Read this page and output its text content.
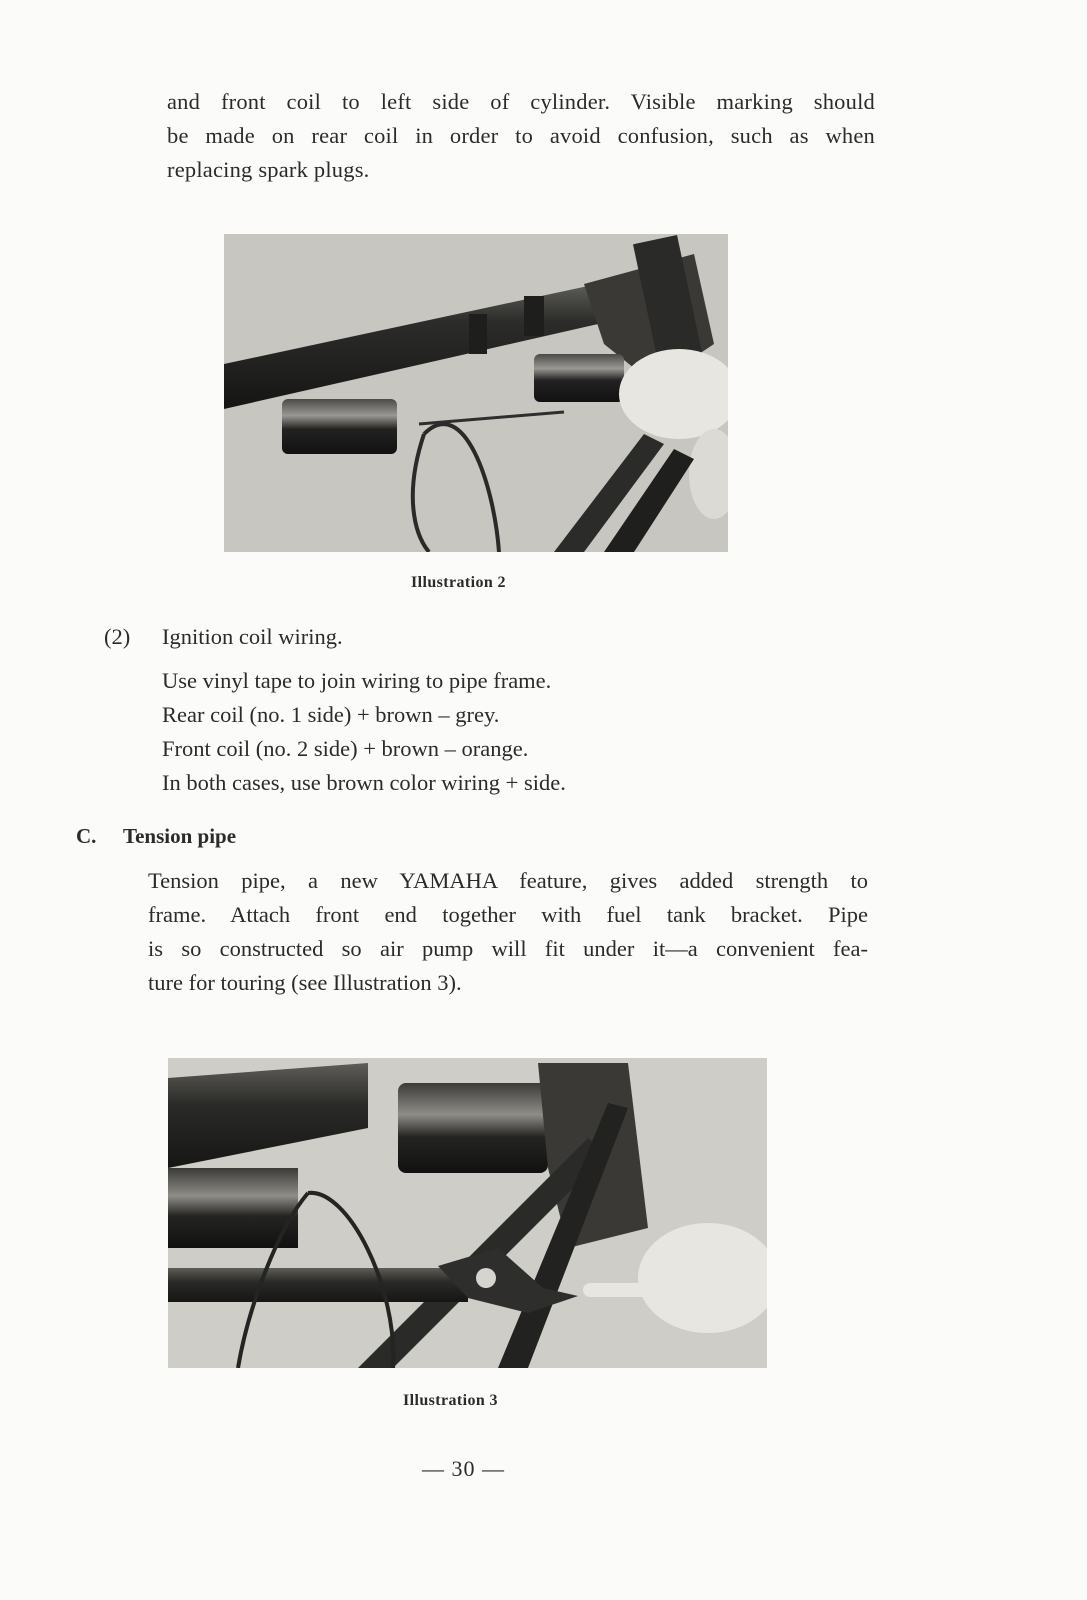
and front coil to left side of cylinder. Visible marking should
be made on rear coil in order to avoid confusion, such as when
replacing spark plugs.
Illustration 2
(2) Ignition coil wiring.
Use vinyl tape to join wiring to pipe frame.
Rear coil (no. 1 side) + brown – grey.
Front coil (no. 2 side) + brown – orange.
In both cases, use brown color wiring + side.
C. Tension pipe
Tension pipe, a new YAMAHA feature, gives added strength to
frame. Attach front end together with fuel tank bracket. Pipe
is so constructed so air pump will fit under it—a convenient fea-
ture for touring (see Illustration 3).
Illustration 3
— 30 —
